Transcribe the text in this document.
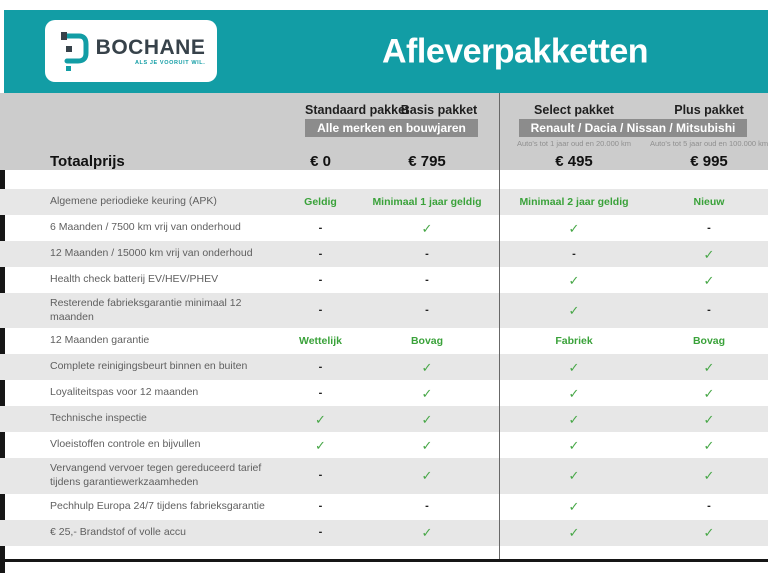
BOCHANE
ALS JE VOORUIT WIL.	Afleverpakketten
Standaard pakket
Basis pakket	Select pakket	Plus pakket
Alle merken en bouwjaren	Renault / Dacia / Nissan / Mitsubishi
Auto's tot 1 jaar oud en 20.000 km	Auto's tot 5 jaar oud en 100.000 km
Totaalprijs	€ 0	€ 795	€ 495	€ 995
Algemene periodieke keuring (APK)	Geldig	Minimaal 1 jaar geldig	Minimaal 2 jaar geldig	Nieuw
6 Maanden / 7500 km vrij van onderhoud	-	✓	✓	-
12 Maanden / 15000 km vrij van onderhoud	-	-	-	✓
Health check batterij EV/HEV/PHEV	-	-	✓	✓
Resterende fabrieksgarantie minimaal 12 maanden
-	-	✓	-
12 Maanden garantie	Wettelijk	Bovag	Fabriek	Bovag
Complete reinigingsbeurt binnen en buiten	-	✓	✓	✓
Loyaliteitspas voor 12 maanden	-	✓	✓	✓
Technische inspectie	✓	✓	✓	✓
Vloeistoffen controle en bijvullen	✓	✓	✓	✓
Vervangend vervoer tegen gereduceerd tarief tijdens garantiewerkzaamheden
-	✓	✓	✓
Pechhulp Europa 24/7 tijdens fabrieksgarantie	-	-	✓	-
€ 25,- Brandstof of volle accu	-	✓	✓	✓
